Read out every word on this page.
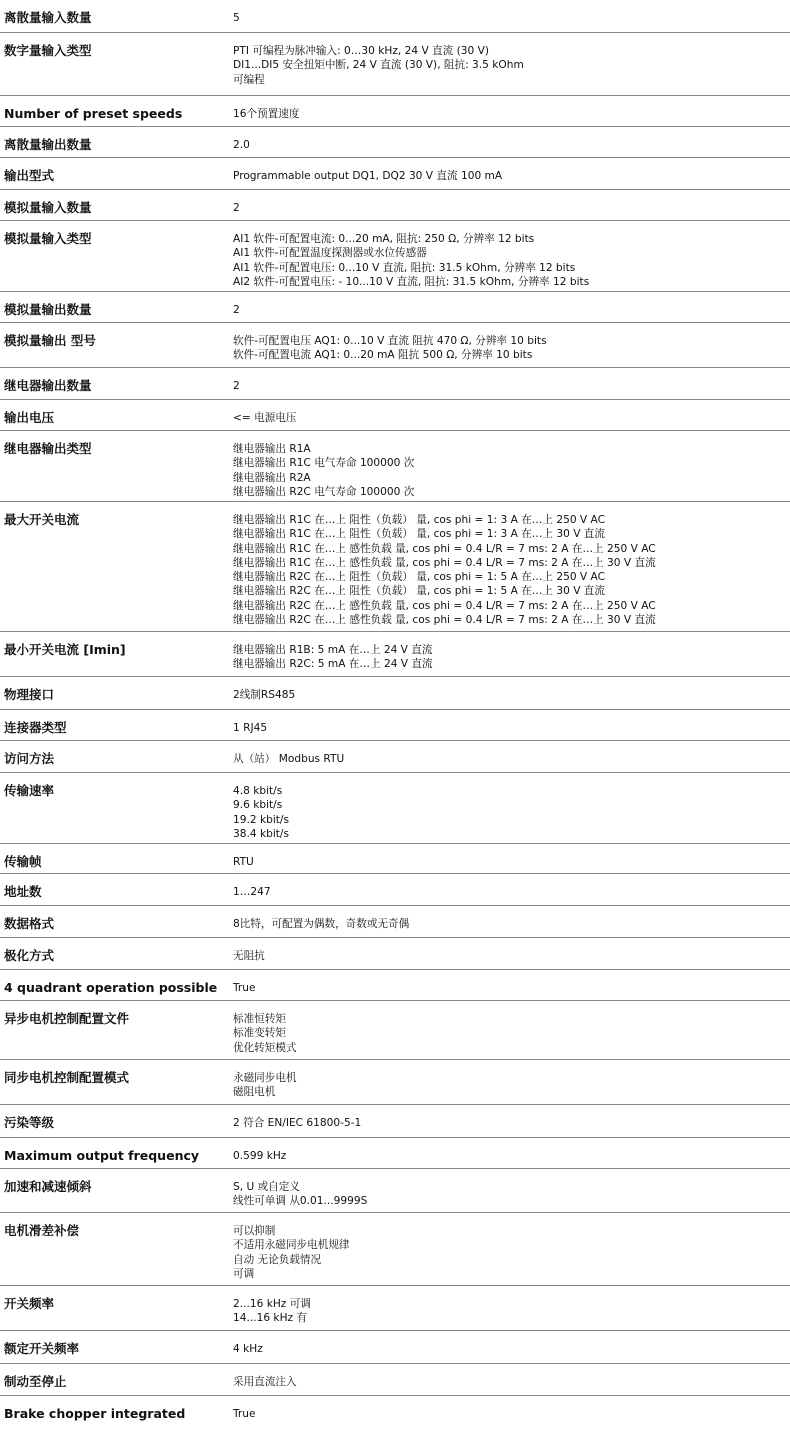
离散量输入数量	5
数字量输入类型	PTI 可编程为脉冲输入: 0…30 kHz, 24 V 直流 (30 V)
DI1...DI5 安全扭矩中断, 24 V 直流 (30 V), 阻抗: 3.5 kOhm
可编程
Number of preset speeds	16个预置速度
离散量输出数量	2.0
输出型式	Programmable output DQ1, DQ2 30 V 直流 100 mA
模拟量输入数量	2
模拟量输入类型	AI1 软件-可配置电流: 0...20 mA, 阻抗: 250 Ω, 分辨率 12 bits
AI1 软件-可配置温度探测器或水位传感器
AI1 软件-可配置电压: 0...10 V 直流, 阻抗: 31.5 kOhm, 分辨率 12 bits
AI2 软件-可配置电压: - 10...10 V 直流, 阻抗: 31.5 kOhm, 分辨率 12 bits
模拟量输出数量	2
模拟量输出 型号	软件-可配置电压 AQ1: 0...10 V 直流 阻抗 470 Ω, 分辨率 10 bits
软件-可配置电流 AQ1: 0...20 mA 阻抗 500 Ω, 分辨率 10 bits
继电器输出数量	2
输出电压	<= 电源电压
继电器输出类型	继电器输出 R1A
继电器输出 R1C 电气寿命 100000 次
继电器输出 R2A
继电器输出 R2C 电气寿命 100000 次
最大开关电流	继电器输出 R1C 在…上 阻性（负载） 量, cos phi = 1: 3 A 在…上 250 V AC
继电器输出 R1C 在…上 阻性（负载） 量, cos phi = 1: 3 A 在…上 30 V 直流
继电器输出 R1C 在…上 感性负载 量, cos phi = 0.4 L/R = 7 ms: 2 A 在…上 250 V AC
继电器输出 R1C 在…上 感性负载 量, cos phi = 0.4 L/R = 7 ms: 2 A 在…上 30 V 直流
继电器输出 R2C 在…上 阻性（负载） 量, cos phi = 1: 5 A 在…上 250 V AC
继电器输出 R2C 在…上 阻性（负载） 量, cos phi = 1: 5 A 在…上 30 V 直流
继电器输出 R2C 在…上 感性负载 量, cos phi = 0.4 L/R = 7 ms: 2 A 在…上 250 V AC
继电器输出 R2C 在…上 感性负载 量, cos phi = 0.4 L/R = 7 ms: 2 A 在…上 30 V 直流
最小开关电流 [Imin]	继电器输出 R1B: 5 mA 在…上 24 V 直流
继电器输出 R2C: 5 mA 在…上 24 V 直流
物理接口	2线制RS485
连接器类型	1 RJ45
访问方法	从（站） Modbus RTU
传输速率	4.8 kbit/s
9.6 kbit/s
19.2 kbit/s
38.4 kbit/s
传输帧	RTU
地址数	1…247
数据格式	8比特，可配置为偶数，奇数或无奇偶
极化方式	无阻抗
4 quadrant operation possible	True
异步电机控制配置文件	标准恒转矩
标准变转矩
优化转矩模式
同步电机控制配置模式	永磁同步电机
磁阻电机
污染等级	2 符合 EN/IEC 61800-5-1
Maximum output frequency	0.599 kHz
加速和减速倾斜	S, U 或自定义
线性可单调 从0.01...9999S
电机滑差补偿	可以抑制
不适用永磁同步电机规律
自动 无论负载情况
可调
开关频率	2...16 kHz 可调
14...16 kHz 有
额定开关频率	4 kHz
制动至停止	采用直流注入
Brake chopper integrated	True
